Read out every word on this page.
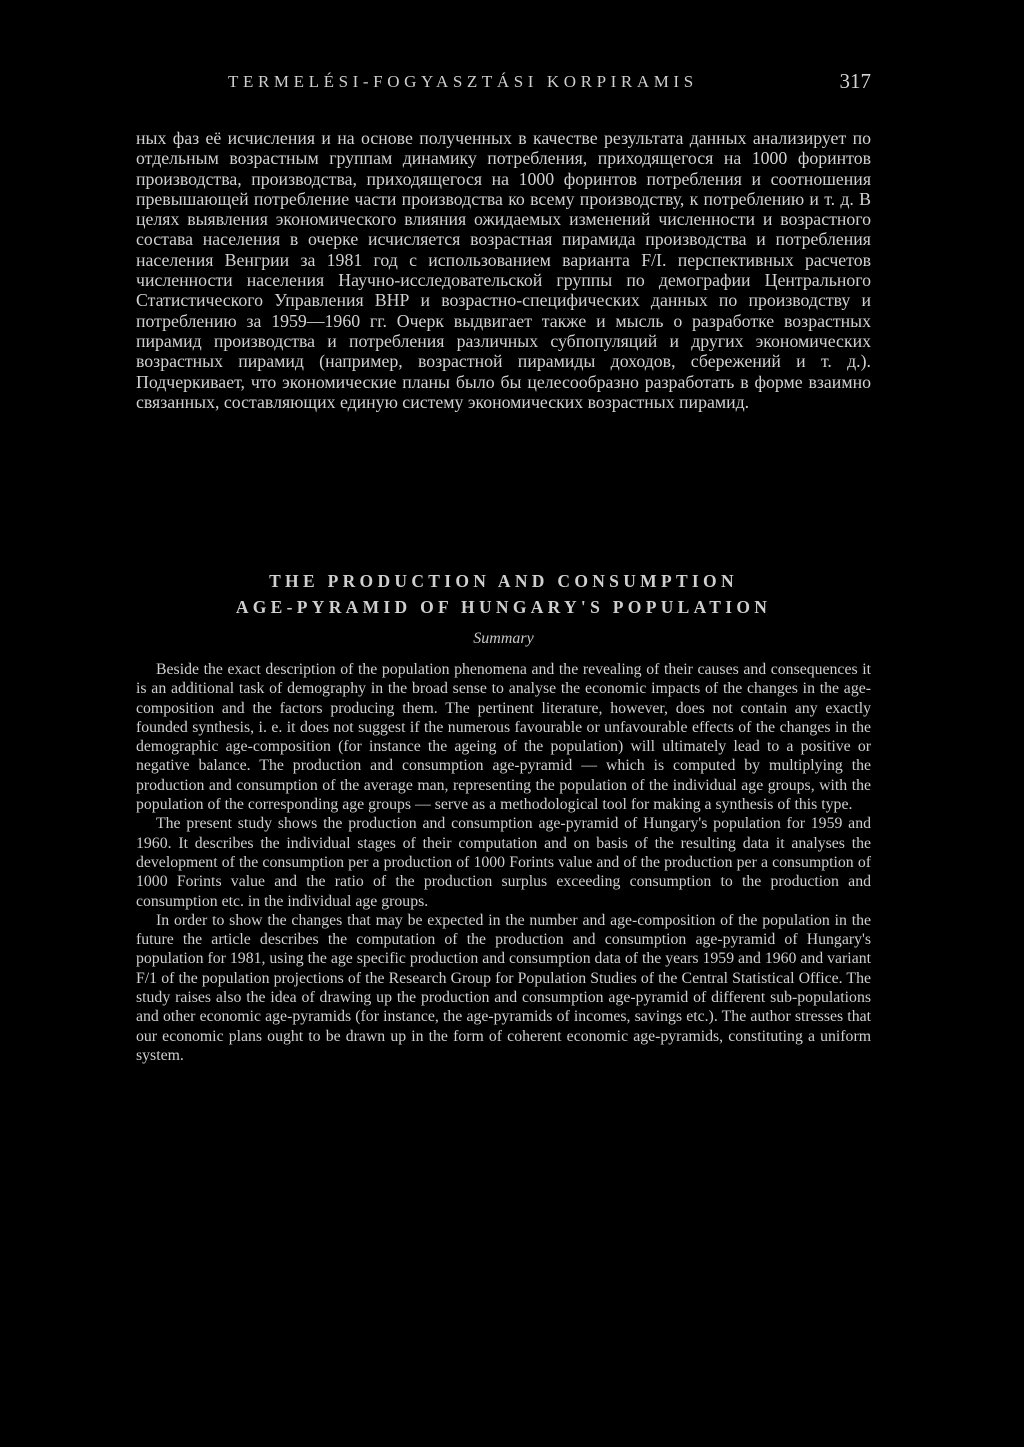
TERMELÉSI-FOGYASZTÁSI KORPIRAMIS	317

ных фаз её исчисления и на основе полученных в качестве результата данных анализирует по отдельным возрастным группам динамику потребления, приходящегося на 1000 форинтов производства, производства, приходящегося на 1000 форинтов потребления и соотношения превышающей потребление части производства ко всему производству, к потреблению и т. д. В целях выявления экономического влияния ожидаемых изменений численности и возрастного состава населения в очерке исчисляется возрастная пирамида производства и потребления населения Венгрии за 1981 год с использованием варианта F/I. перспективных расчетов численности населения Научно-исследовательской группы по демографии Центрального Статистического Управления ВНР и возрастно-специфических данных по производству и потреблению за 1959—1960 гг. Очерк выдвигает также и мысль о разработке возрастных пирамид производства и потребления различных субпопуляций и других экономических возрастных пирамид (например, возрастной пирамиды доходов, сбережений и т. д.). Подчеркивает, что экономические планы было бы целесообразно разработать в форме взаимно связанных, составляющих единую систему экономических возрастных пирамид.

THE PRODUCTION AND CONSUMPTION
AGE-PYRAMID OF HUNGARY'S POPULATION

Summary

Beside the exact description of the population phenomena and the revealing of their causes and consequences it is an additional task of demography in the broad sense to analyse the economic impacts of the changes in the age-composition and the factors producing them. The pertinent literature, however, does not contain any exactly founded synthesis, i. e. it does not suggest if the numerous favourable or unfavourable effects of the changes in the demographic age-composition (for instance the ageing of the population) will ultimately lead to a positive or negative balance. The production and consumption age-pyramid — which is computed by multiplying the production and consumption of the average man, representing the population of the individual age groups, with the population of the corresponding age groups — serve as a methodological tool for making a synthesis of this type.

The present study shows the production and consumption age-pyramid of Hungary's population for 1959 and 1960. It describes the individual stages of their computation and on basis of the resulting data it analyses the development of the consumption per a production of 1000 Forints value and of the production per a consumption of 1000 Forints value and the ratio of the production surplus exceeding consumption to the production and consumption etc. in the individual age groups.

In order to show the changes that may be expected in the number and age-composition of the population in the future the article describes the computation of the production and consumption age-pyramid of Hungary's population for 1981, using the age specific production and consumption data of the years 1959 and 1960 and variant F/1 of the population projections of the Research Group for Population Studies of the Central Statistical Office. The study raises also the idea of drawing up the production and consumption age-pyramid of different sub-populations and other economic age-pyramids (for instance, the age-pyramids of incomes, savings etc.). The author stresses that our economic plans ought to be drawn up in the form of coherent economic age-pyramids, constituting a uniform system.
